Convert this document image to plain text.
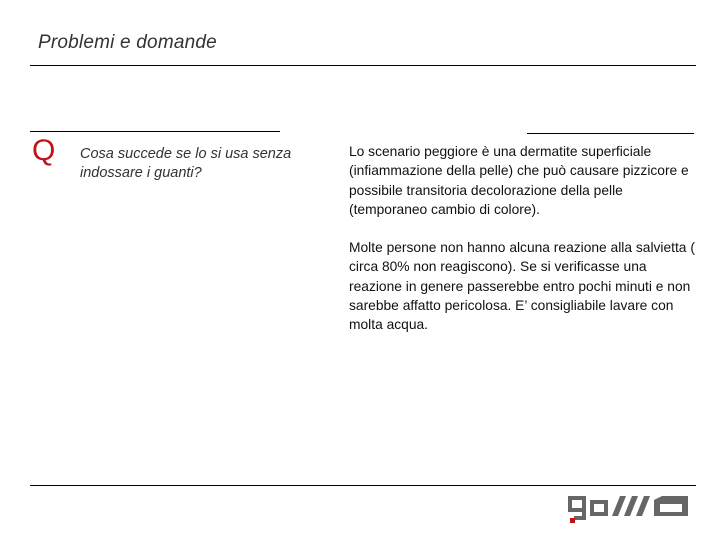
Problemi e domande
Q Cosa succede se lo si usa senza indossare i guanti?

Lo scenario peggiore è una dermatite superficiale (infiammazione della pelle) che può causare pizzicore e possibile transitoria decolorazione della pelle (temporaneo cambio di colore).

Molte persone non hanno alcuna reazione alla salvietta ( circa 80% non reagiscono). Se si verificasse una reazione in genere passerebbe entro pochi minuti e non sarebbe affatto pericolosa. E’ consigliabile lavare con molta acqua.
